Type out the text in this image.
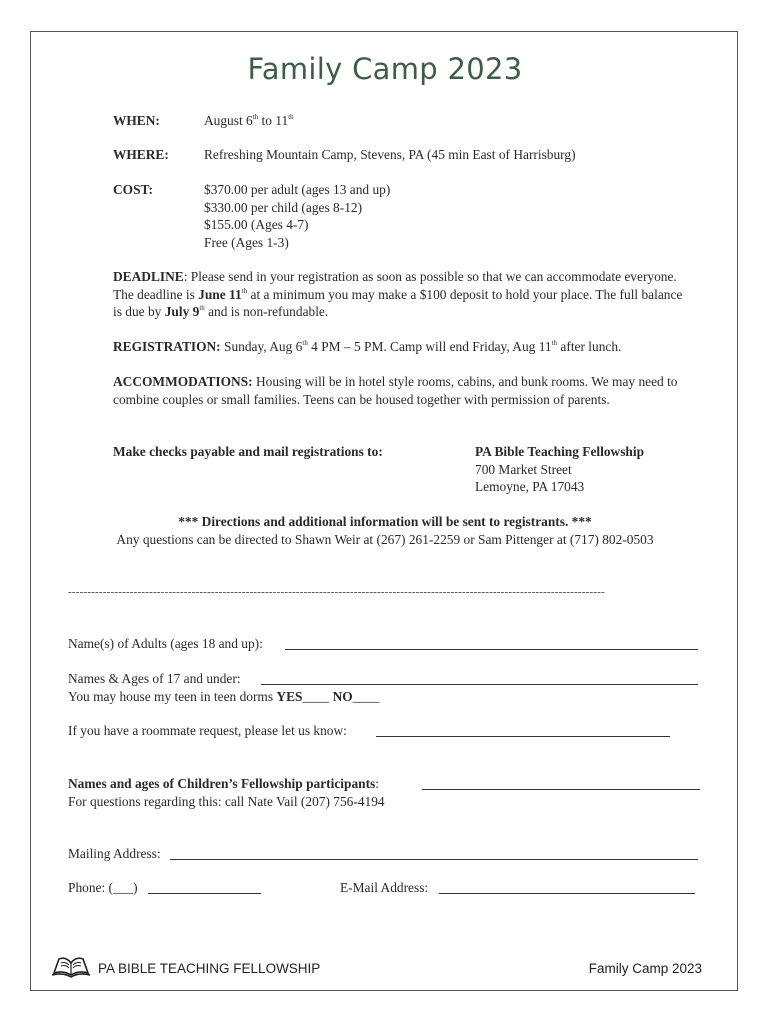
Family Camp 2023
WHEN:	August 6th to 11th
WHERE:	Refreshing Mountain Camp, Stevens, PA (45 min East of Harrisburg)
COST:	$370.00 per adult (ages 13 and up)
$330.00 per child (ages 8-12)
$155.00 (Ages 4-7)
Free (Ages 1-3)
DEADLINE: Please send in your registration as soon as possible so that we can accommodate everyone. The deadline is June 11th at a minimum you may make a $100 deposit to hold your place. The full balance is due by July 9th and is non-refundable.
REGISTRATION: Sunday, Aug 6th 4 PM – 5 PM. Camp will end Friday, Aug 11th after lunch.
ACCOMMODATIONS: Housing will be in hotel style rooms, cabins, and bunk rooms. We may need to combine couples or small families. Teens can be housed together with permission of parents.
Make checks payable and mail registrations to:	PA Bible Teaching Fellowship
700 Market Street
Lemoyne, PA 17043
*** Directions and additional information will be sent to registrants. ***
Any questions can be directed to Shawn Weir at (267) 261-2259 or Sam Pittenger at (717) 802-0503
-------------------------------------------------------------------------------------------------------------------------------------------
Name(s) of Adults (ages 18 and up):
Names & Ages of 17 and under:
You may house my teen in teen dorms YES____ NO____
If you have a roommate request, please let us know:
Names and ages of Children’s Fellowship participants:
For questions regarding this: call Nate Vail (207) 756-4194
Mailing Address:
Phone: (___)	E-Mail Address:
PA BIBLE TEACHING FELLOWSHIP	Family Camp 2023
